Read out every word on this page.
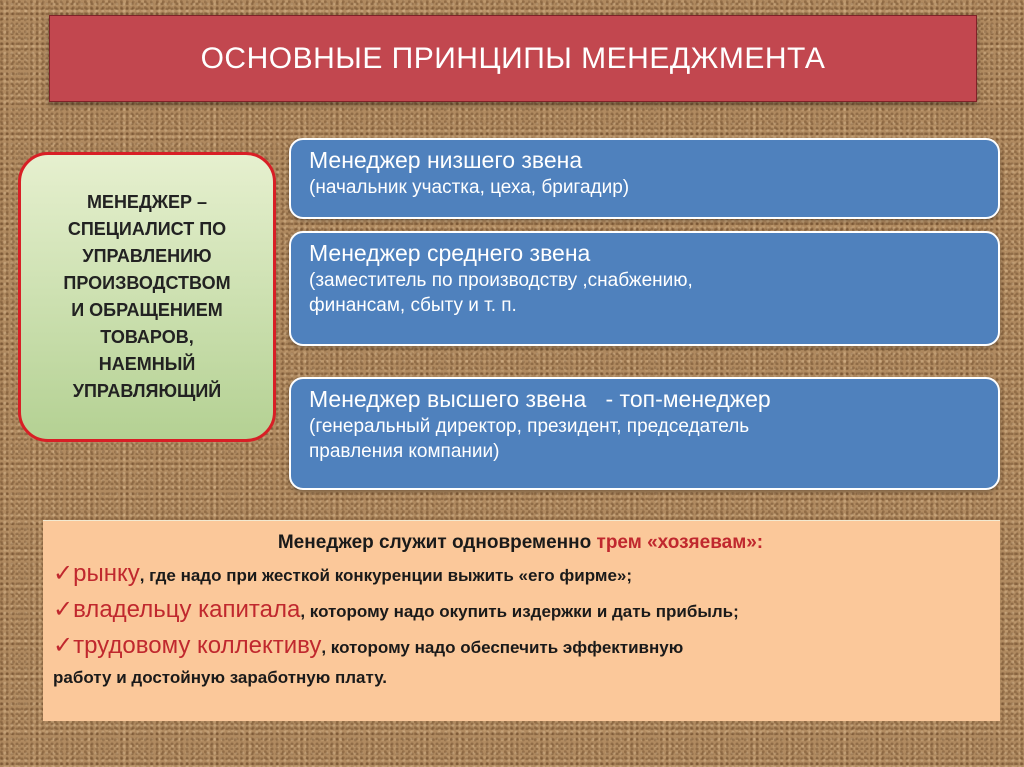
ОСНОВНЫЕ ПРИНЦИПЫ МЕНЕДЖМЕНТА
МЕНЕДЖЕР –
СПЕЦИАЛИСТ ПО
УПРАВЛЕНИЮ
ПРОИЗВОДСТВОМ
И ОБРАЩЕНИЕМ
ТОВАРОВ,
НАЕМНЫЙ
УПРАВЛЯЮЩИЙ
Менеджер низшего звена
(начальник участка, цеха, бригадир)
Менеджер среднего звена
(заместитель по производству ,снабжению,
финансам, сбыту и т. п.
Менеджер высшего звена   - топ-менеджер
(генеральный директор, президент, председатель
правления компании)
Менеджер служит одновременно трем «хозяевам»:
✓рынку, где надо при жесткой конкуренции выжить «его фирме»;
✓владельцу капитала, которому надо окупить издержки и дать прибыль;
✓трудовому коллективу, которому надо обеспечить эффективную
работу и достойную заработную плату.
